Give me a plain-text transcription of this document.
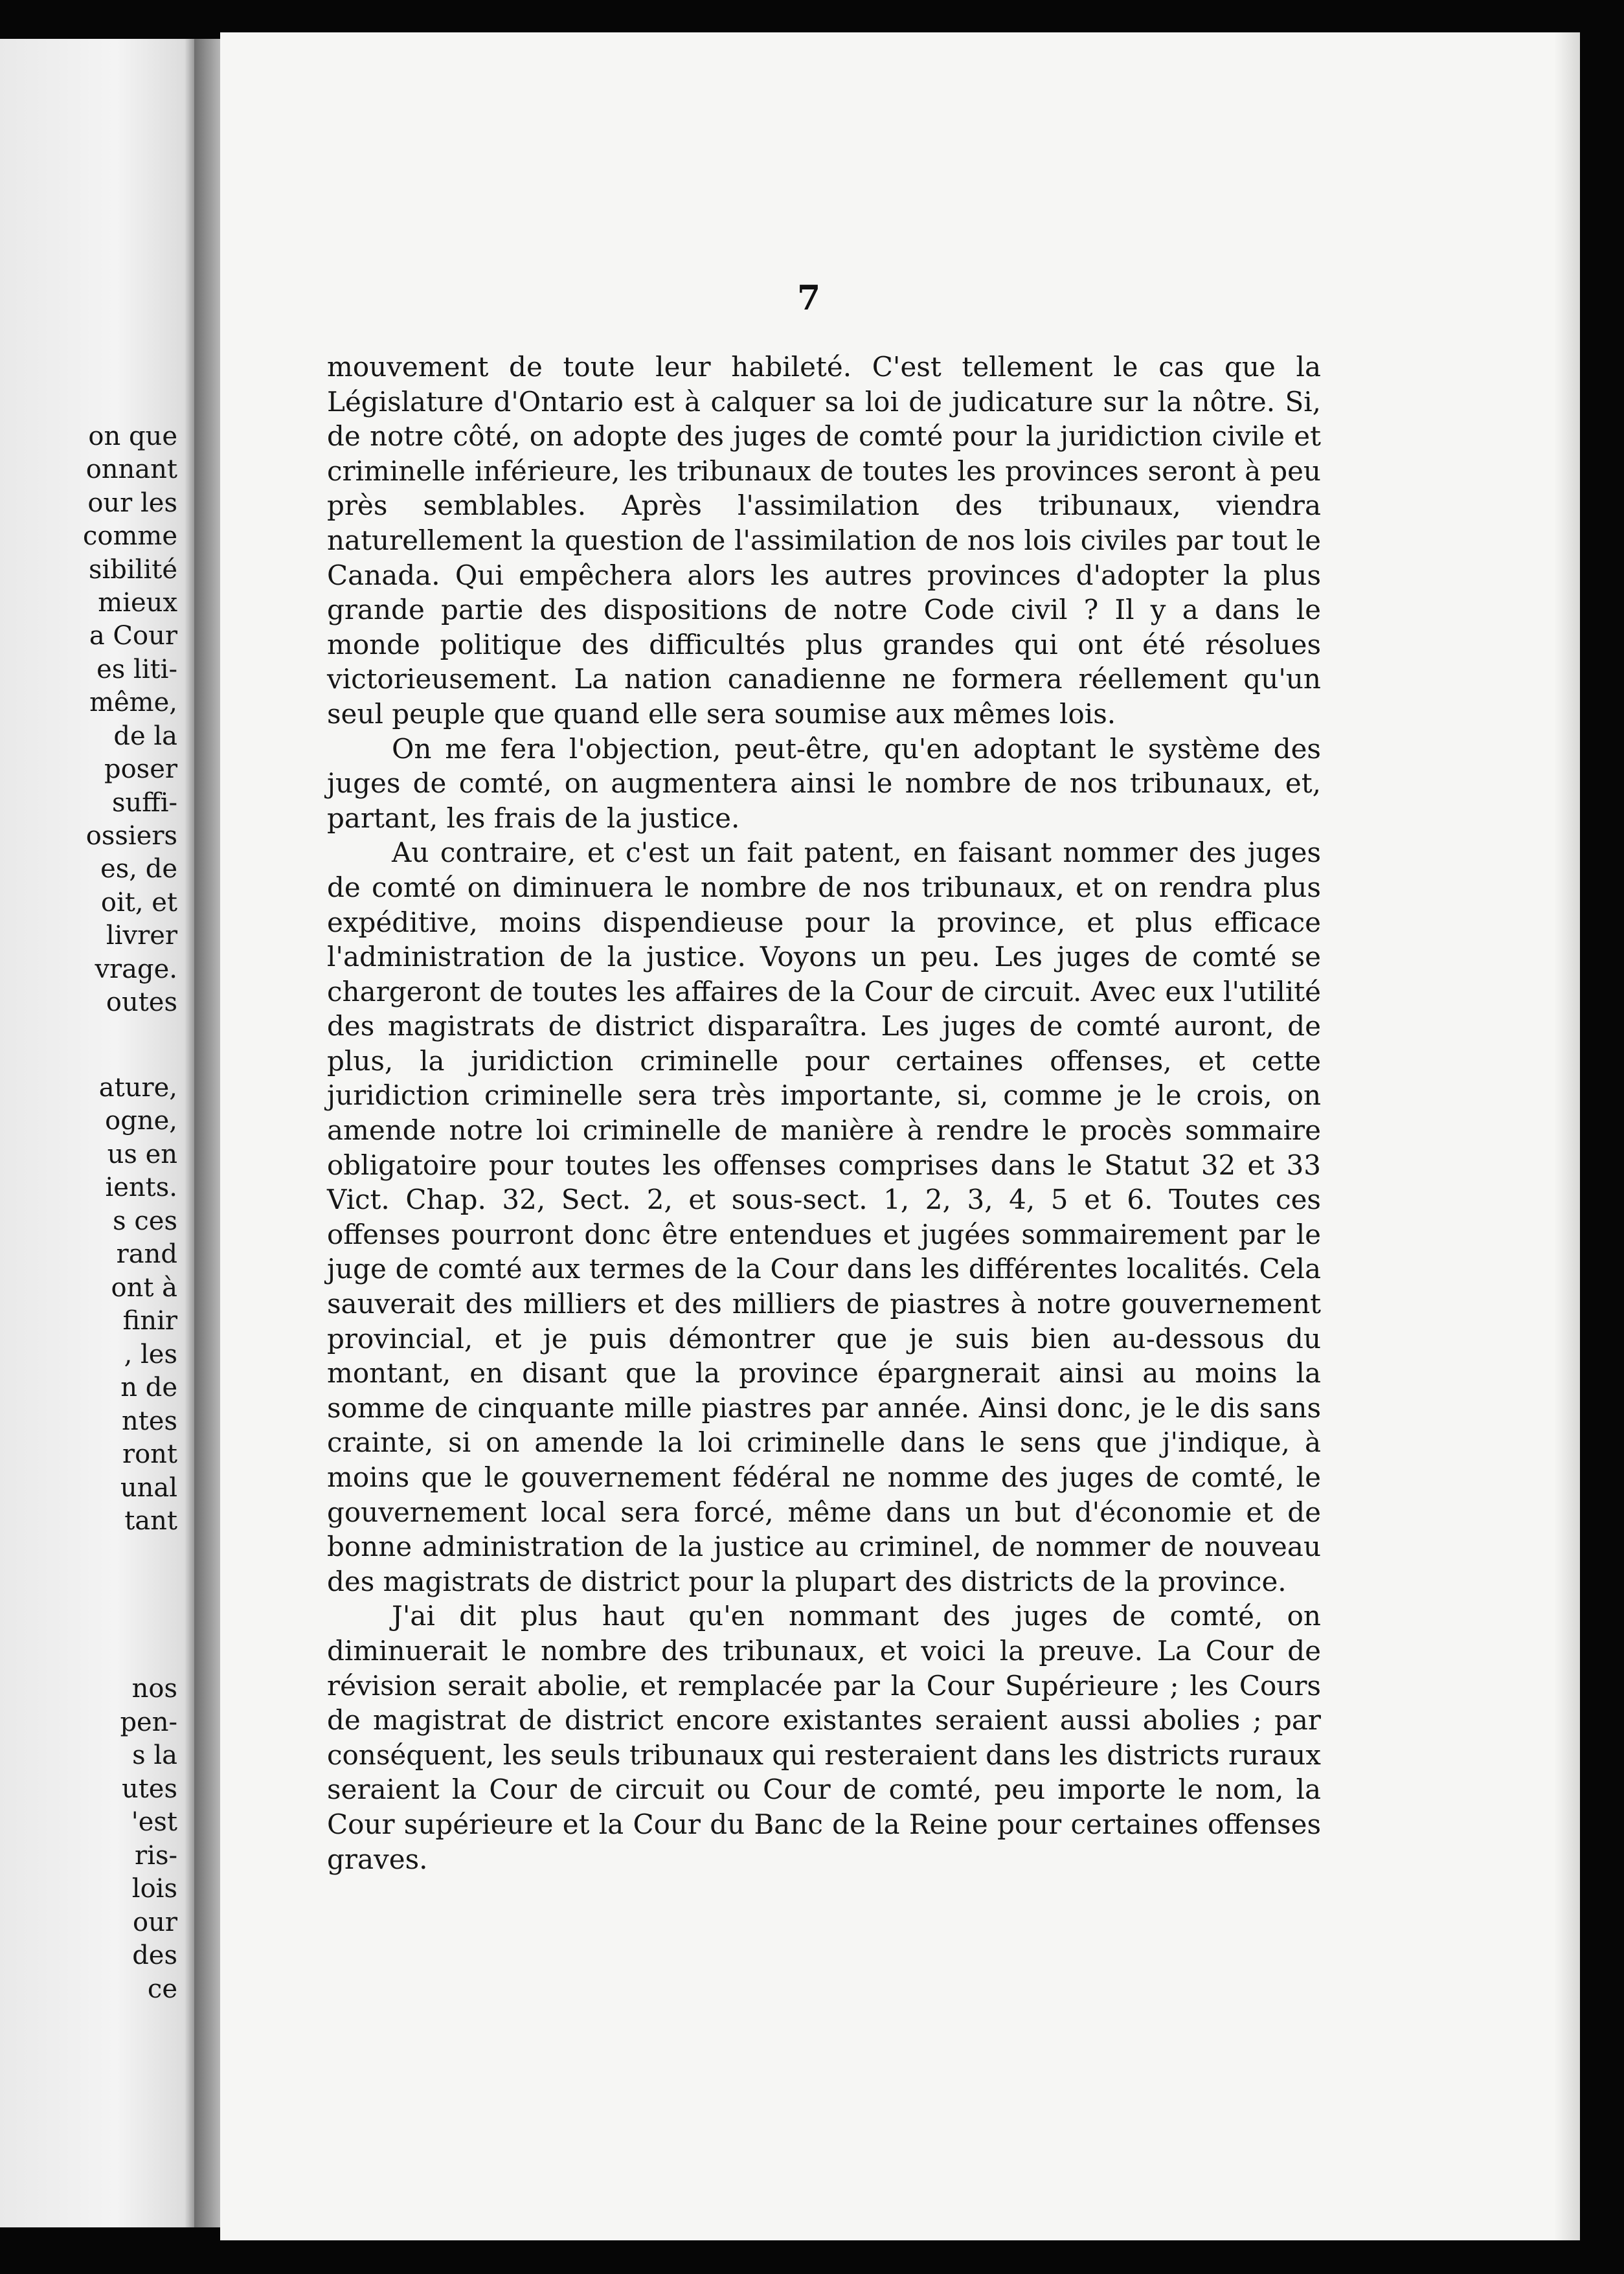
on que
onnant
our les
comme
sibilité
mieux
a Cour
es liti-
même,
de la
poser
suffi-
ossiers
es, de
oit, et
livrer
vrage.
outes
ature,
ogne,
us en
ients.
s ces
rand
ont à
finir
, les
n de
ntes
ront
unal
tant
nos
pen-
s la
utes
'est
ris-
lois
our
des
ce
7

mouvement de toute leur habileté. C'est tellement le cas que la Législature d'Ontario est à calquer sa loi de judicature sur la nôtre. Si, de notre côté, on adopte des juges de comté pour la juridiction civile et criminelle inférieure, les tribunaux de toutes les provinces seront à peu près semblables. Après l'assimilation des tribunaux, viendra naturellement la question de l'assimilation de nos lois civiles par tout le Canada. Qui empêchera alors les autres provinces d'adopter la plus grande partie des dispositions de notre Code civil ? Il y a dans le monde politique des difficultés plus grandes qui ont été résolues victorieusement. La nation canadienne ne formera réellement qu'un seul peuple que quand elle sera soumise aux mêmes lois.

On me fera l'objection, peut-être, qu'en adoptant le système des juges de comté, on augmentera ainsi le nombre de nos tribunaux, et, partant, les frais de la justice.

Au contraire, et c'est un fait patent, en faisant nommer des juges de comté on diminuera le nombre de nos tribunaux, et on rendra plus expéditive, moins dispendieuse pour la province, et plus efficace l'administration de la justice. Voyons un peu. Les juges de comté se chargeront de toutes les affaires de la Cour de circuit. Avec eux l'utilité des magistrats de district disparaîtra. Les juges de comté auront, de plus, la juridiction criminelle pour certaines offenses, et cette juridiction criminelle sera très importante, si, comme je le crois, on amende notre loi criminelle de manière à rendre le procès sommaire obligatoire pour toutes les offenses comprises dans le Statut 32 et 33 Vict. Chap. 32, Sect. 2, et sous-sect. 1, 2, 3, 4, 5 et 6. Toutes ces offenses pourront donc être entendues et jugées sommairement par le juge de comté aux termes de la Cour dans les différentes localités. Cela sauverait des milliers et des milliers de piastres à notre gouvernement provincial, et je puis démontrer que je suis bien au-dessous du montant, en disant que la province épargnerait ainsi au moins la somme de cinquante mille piastres par année. Ainsi donc, je le dis sans crainte, si on amende la loi criminelle dans le sens que j'indique, à moins que le gouvernement fédéral ne nomme des juges de comté, le gouvernement local sera forcé, même dans un but d'économie et de bonne administration de la justice au criminel, de nommer de nouveau des magistrats de district pour la plupart des districts de la province.

J'ai dit plus haut qu'en nommant des juges de comté, on diminuerait le nombre des tribunaux, et voici la preuve. La Cour de révision serait abolie, et remplacée par la Cour Supérieure ; les Cours de magistrat de district encore existantes seraient aussi abolies ; par conséquent, les seuls tribunaux qui resteraient dans les districts ruraux seraient la Cour de circuit ou Cour de comté, peu importe le nom, la Cour supérieure et la Cour du Banc de la Reine pour certaines offenses graves.
